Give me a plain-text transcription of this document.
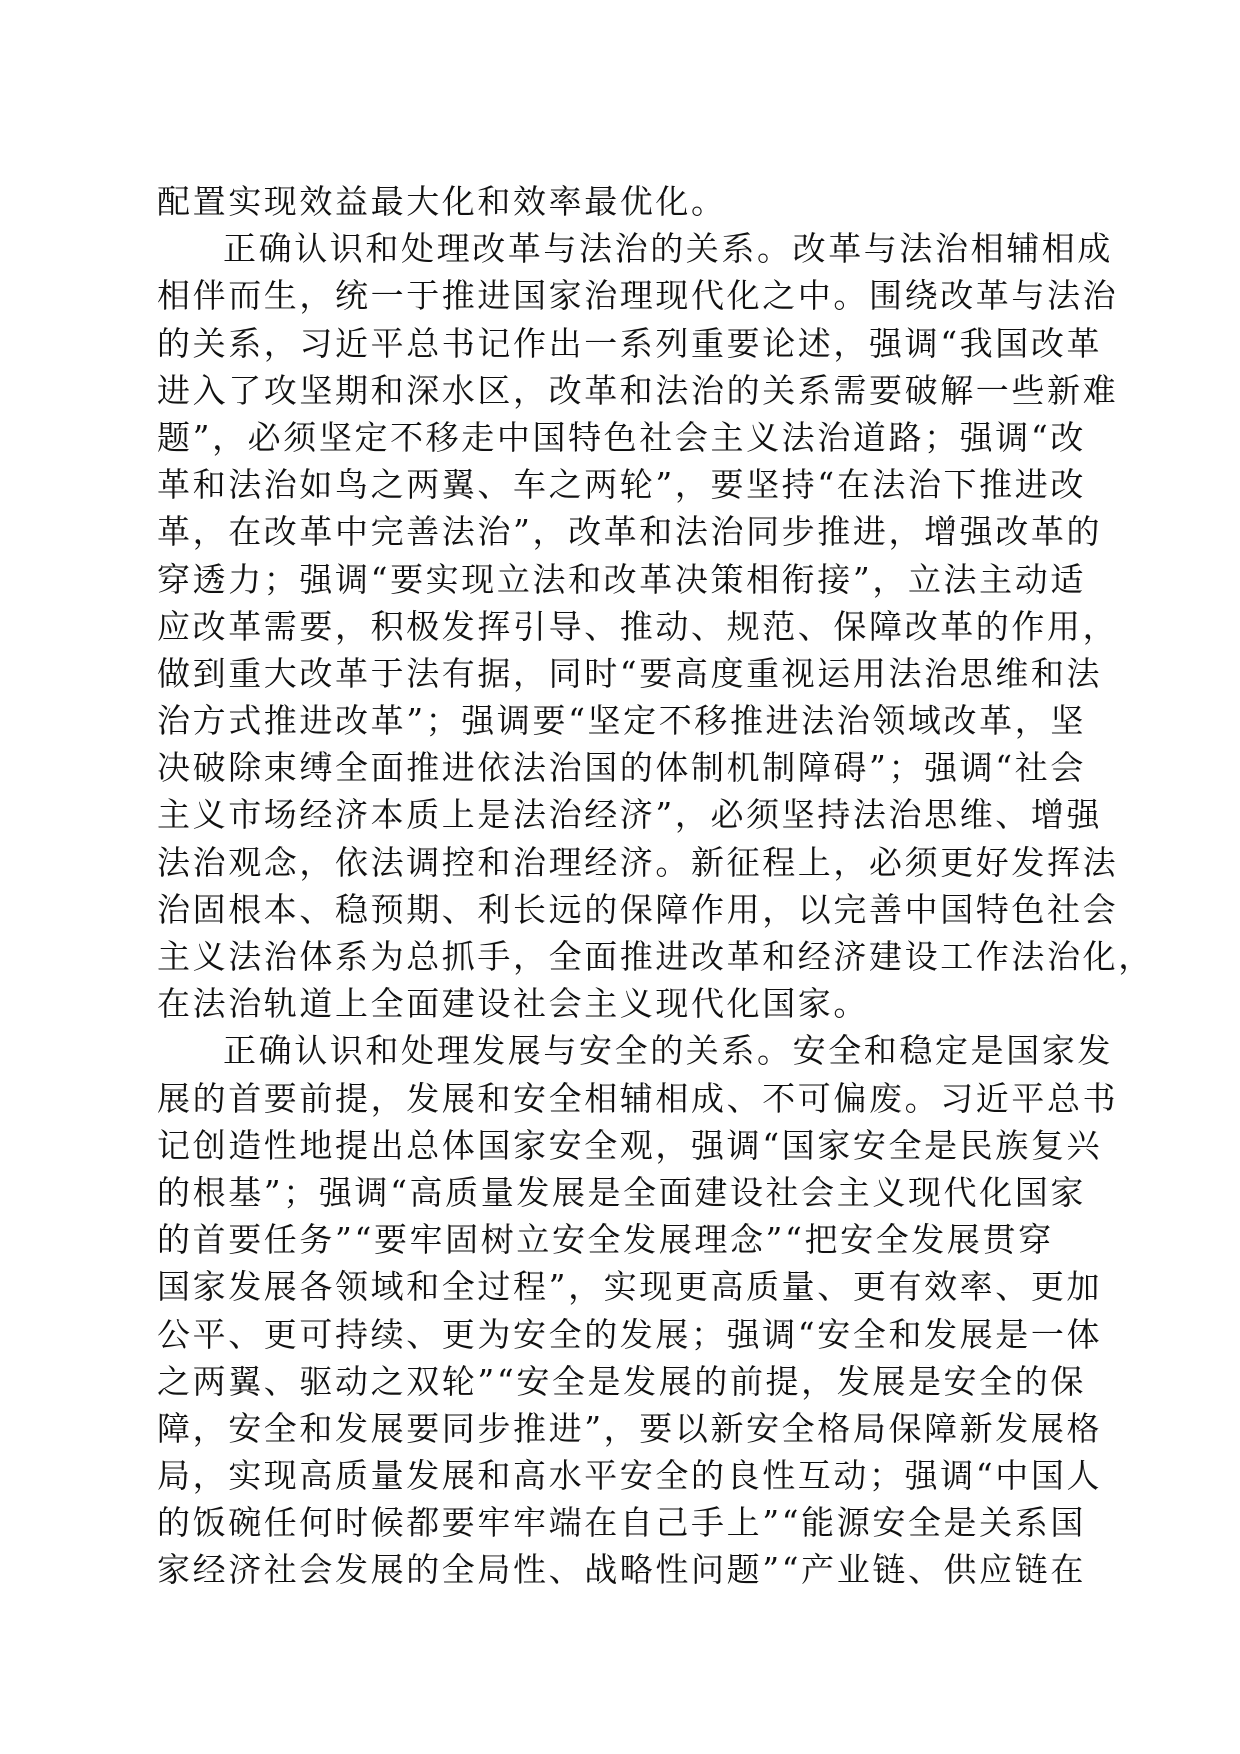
配置实现效益最大化和效率最优化。
正确认识和处理改革与法治的关系。改革与法治相辅相成
相伴而生，统一于推进国家治理现代化之中。围绕改革与法治
的关系，习近平总书记作出一系列重要论述，强调“我国改革
进入了攻坚期和深水区，改革和法治的关系需要破解一些新难
题”，必须坚定不移走中国特色社会主义法治道路；强调“改
革和法治如鸟之两翼、车之两轮”，要坚持“在法治下推进改
革，在改革中完善法治”，改革和法治同步推进，增强改革的
穿透力；强调“要实现立法和改革决策相衔接”，立法主动适
应改革需要，积极发挥引导、推动、规范、保障改革的作用，
做到重大改革于法有据，同时“要高度重视运用法治思维和法
治方式推进改革”；强调要“坚定不移推进法治领域改革，坚
决破除束缚全面推进依法治国的体制机制障碍”；强调“社会
主义市场经济本质上是法治经济”，必须坚持法治思维、增强
法治观念，依法调控和治理经济。新征程上，必须更好发挥法
治固根本、稳预期、利长远的保障作用，以完善中国特色社会
主义法治体系为总抓手，全面推进改革和经济建设工作法治化，
在法治轨道上全面建设社会主义现代化国家。
正确认识和处理发展与安全的关系。安全和稳定是国家发
展的首要前提，发展和安全相辅相成、不可偏废。习近平总书
记创造性地提出总体国家安全观，强调“国家安全是民族复兴
的根基”；强调“高质量发展是全面建设社会主义现代化国家
的首要任务”“要牢固树立安全发展理念”“把安全发展贯穿
国家发展各领域和全过程”，实现更高质量、更有效率、更加
公平、更可持续、更为安全的发展；强调“安全和发展是一体
之两翼、驱动之双轮”“安全是发展的前提，发展是安全的保
障，安全和发展要同步推进”，要以新安全格局保障新发展格
局，实现高质量发展和高水平安全的良性互动；强调“中国人
的饭碗任何时候都要牢牢端在自己手上”“能源安全是关系国
家经济社会发展的全局性、战略性问题”“产业链、供应链在
